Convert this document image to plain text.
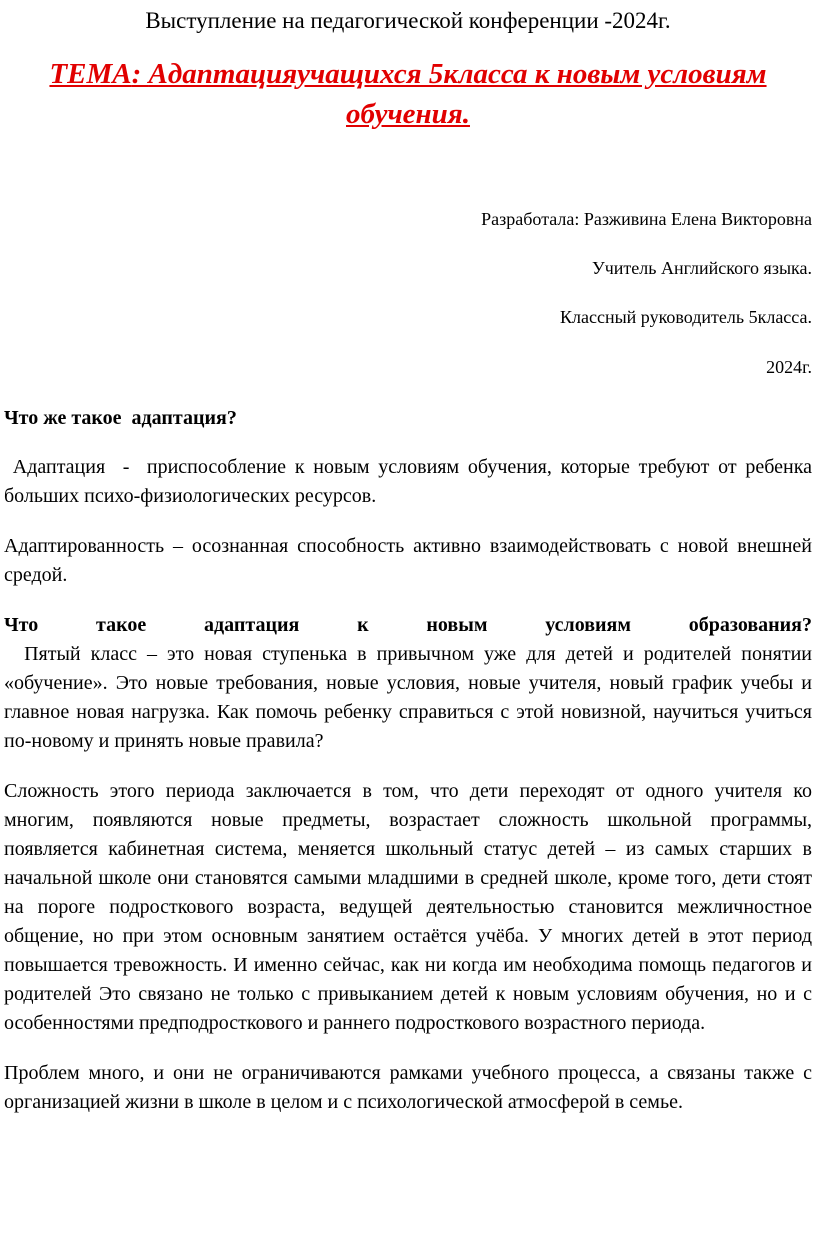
Выступление на педагогической конференции -2024г.
ТЕМА: Адаптацияучащихся 5класса к новым условиям обучения.

Разработала: Разживина Елена Викторовна

Учитель Английского языка.

Классный руководитель 5класса.

2024г.

Что же такое  адаптация?

Адаптация  -  приспособление к новым условиям обучения, которые требуют от ребенка больших психо-физиологических ресурсов.

Адаптированность – осознанная способность активно взаимодействовать с новой внешней средой.

Что такое адаптация к новым условиям образования?

Пятый класс – это новая ступенька в привычном уже для детей и родителей понятии «обучение». Это новые требования, новые условия, новые учителя, новый график учебы и главное новая нагрузка. Как помочь ребенку справиться с этой новизной, научиться учиться по-новому и принять новые правила?

Сложность этого периода заключается в том, что дети переходят от одного учителя ко многим, появляются новые предметы, возрастает сложность школьной программы, появляется кабинетная система, меняется школьный статус детей – из самых старших в начальной школе они становятся самыми младшими в средней школе, кроме того, дети стоят на пороге подросткового возраста, ведущей деятельностью становится межличностное общение, но при этом основным занятием остаётся учёба. У многих детей в этот период повышается тревожность. И именно сейчас, как ни когда им необходима помощь педагогов и родителей Это связано не только с привыканием детей к новым условиям обучения, но и с особенностями предподросткового и раннего подросткового возрастного периода.

Проблем много, и они не ограничиваются рамками учебного процесса, а связаны также с организацией жизни в школе в целом и с психологической атмосферой в семье.
